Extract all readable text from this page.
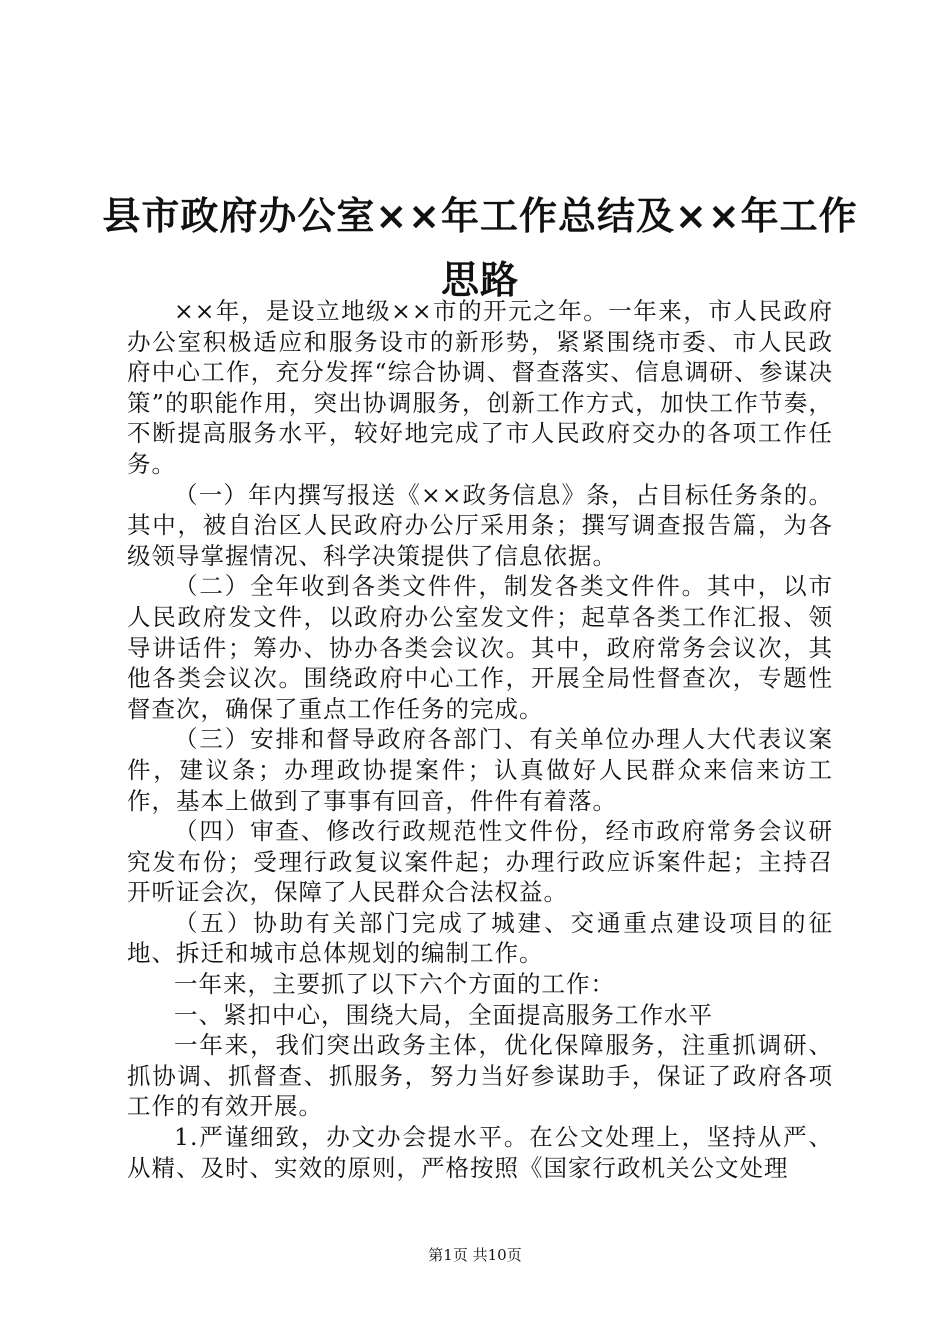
县市政府办公室××年工作总结及××年工作思路

××年，是设立地级××市的开元之年。一年来，市人民政府办公室积极适应和服务设市的新形势，紧紧围绕市委、市人民政府中心工作，充分发挥“综合协调、督查落实、信息调研、参谋决策”的职能作用，突出协调服务，创新工作方式，加快工作节奏，不断提高服务水平，较好地完成了市人民政府交办的各项工作任务。

（一）年内撰写报送《××政务信息》条，占目标任务条的。其中，被自治区人民政府办公厅采用条；撰写调查报告篇，为各级领导掌握情况、科学决策提供了信息依据。

（二）全年收到各类文件件，制发各类文件件。其中，以市人民政府发文件，以政府办公室发文件；起草各类工作汇报、领导讲话件；筹办、协办各类会议次。其中，政府常务会议次，其他各类会议次。围绕政府中心工作，开展全局性督查次，专题性督查次，确保了重点工作任务的完成。

（三）安排和督导政府各部门、有关单位办理人大代表议案件，建议条；办理政协提案件；认真做好人民群众来信来访工作，基本上做到了事事有回音，件件有着落。

（四）审查、修改行政规范性文件份，经市政府常务会议研究发布份；受理行政复议案件起；办理行政应诉案件起；主持召开听证会次，保障了人民群众合法权益。

（五）协助有关部门完成了城建、交通重点建设项目的征地、拆迁和城市总体规划的编制工作。

一年来，主要抓了以下六个方面的工作：

一、紧扣中心，围绕大局，全面提高服务工作水平

一年来，我们突出政务主体，优化保障服务，注重抓调研、抓协调、抓督查、抓服务，努力当好参谋助手，保证了政府各项工作的有效开展。

1.严谨细致，办文办会提水平。在公文处理上，坚持从严、从精、及时、实效的原则，严格按照《国家行政机关公文处理

第1页 共10页
